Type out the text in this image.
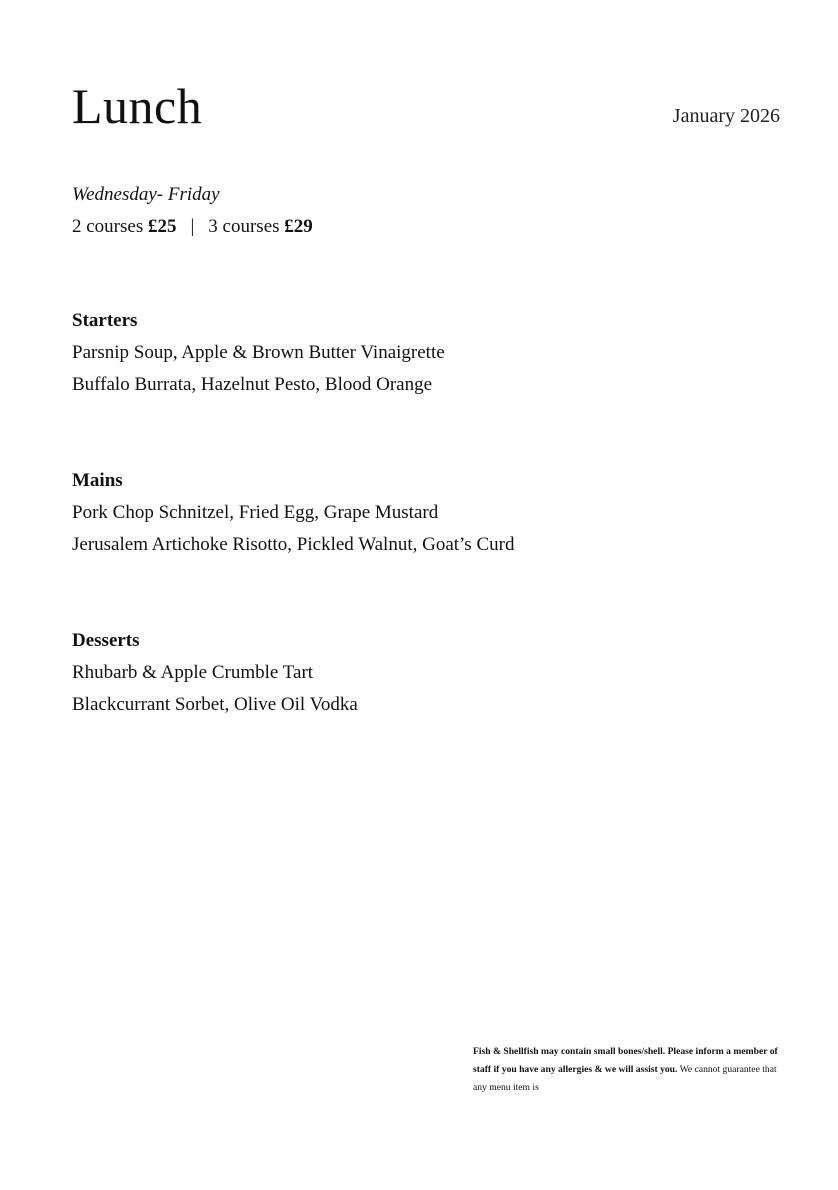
Lunch	January 2026
Wednesday- Friday
2 courses £25 | 3 courses £29
Starters
Parsnip Soup, Apple & Brown Butter Vinaigrette
Buffalo Burrata, Hazelnut Pesto, Blood Orange
Mains
Pork Chop Schnitzel, Fried Egg, Grape Mustard
Jerusalem Artichoke Risotto, Pickled Walnut, Goat’s Curd
Desserts
Rhubarb & Apple Crumble Tart
Blackcurrant Sorbet, Olive Oil Vodka
Fish & Shellfish may contain small bones/shell. Please inform a member of staff if you have any allergies & we will assist you. We cannot guarantee that any menu item is
